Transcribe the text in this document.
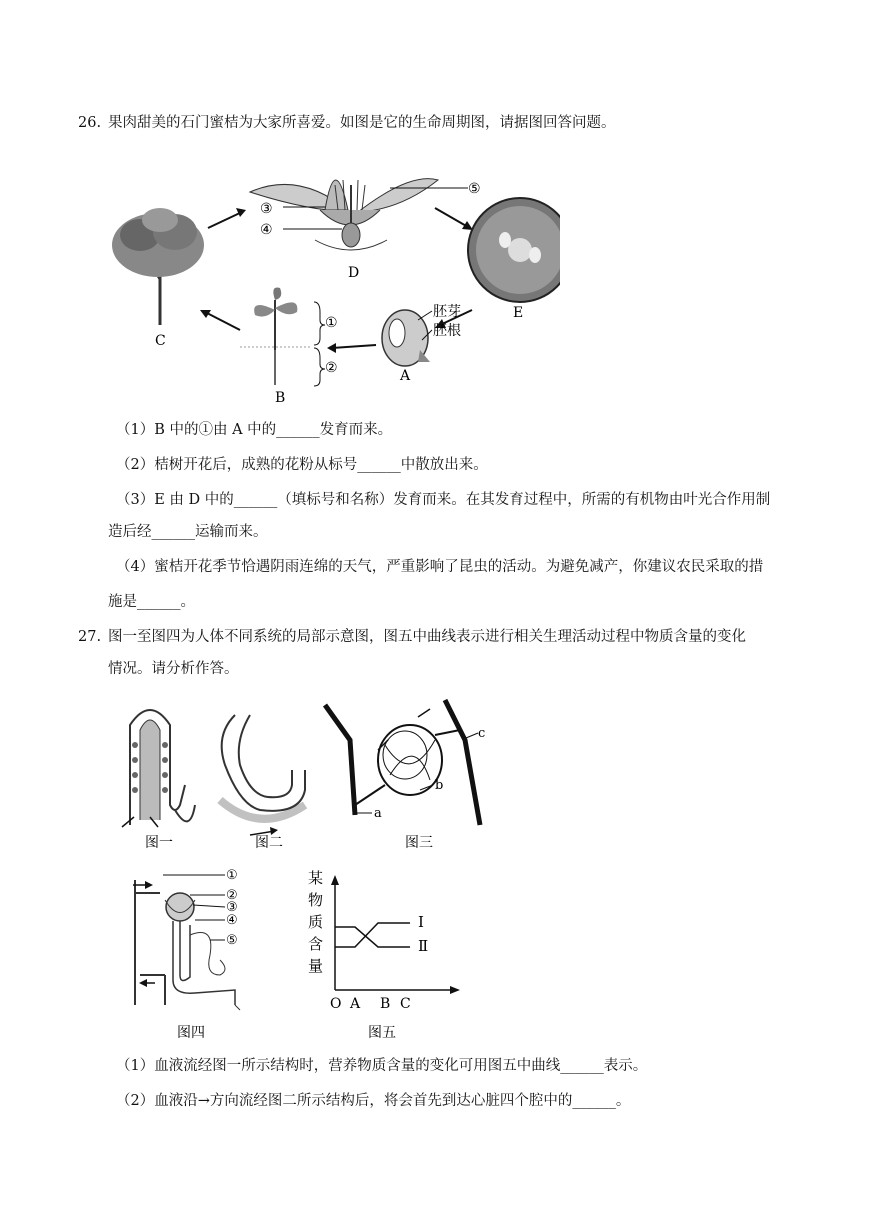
26. 果肉甜美的石门蜜桔为大家所喜爱。如图是它的生命周期图，请据图回答问题。
C
③
④
⑤
D
E
胚芽
胚根
A
①
②
B
（1）B 中的①由 A 中的______发育而来。
（2）桔树开花后，成熟的花粉从标号______中散放出来。
（3）E 由 D 中的______（填标号和名称）发育而来。在其发育过程中，所需的有机物由叶光合作用制
造后经______运输而来。
（4）蜜桔开花季节恰遇阴雨连绵的天气，严重影响了昆虫的活动。为避免减产，你建议农民采取的措
施是______。
27. 图一至图四为人体不同系统的局部示意图，图五中曲线表示进行相关生理活动过程中物质含量的变化
情况。请分析作答。
图一	图二
c
b
a
图三
①
②
③
④
⑤
图四
某
物
质
含
量
Ⅰ
Ⅱ
O A B C
图五
（1）血液流经图一所示结构时，营养物质含量的变化可用图五中曲线______表示。
（2）血液沿→方向流经图二所示结构后，将会首先到达心脏四个腔中的______。
